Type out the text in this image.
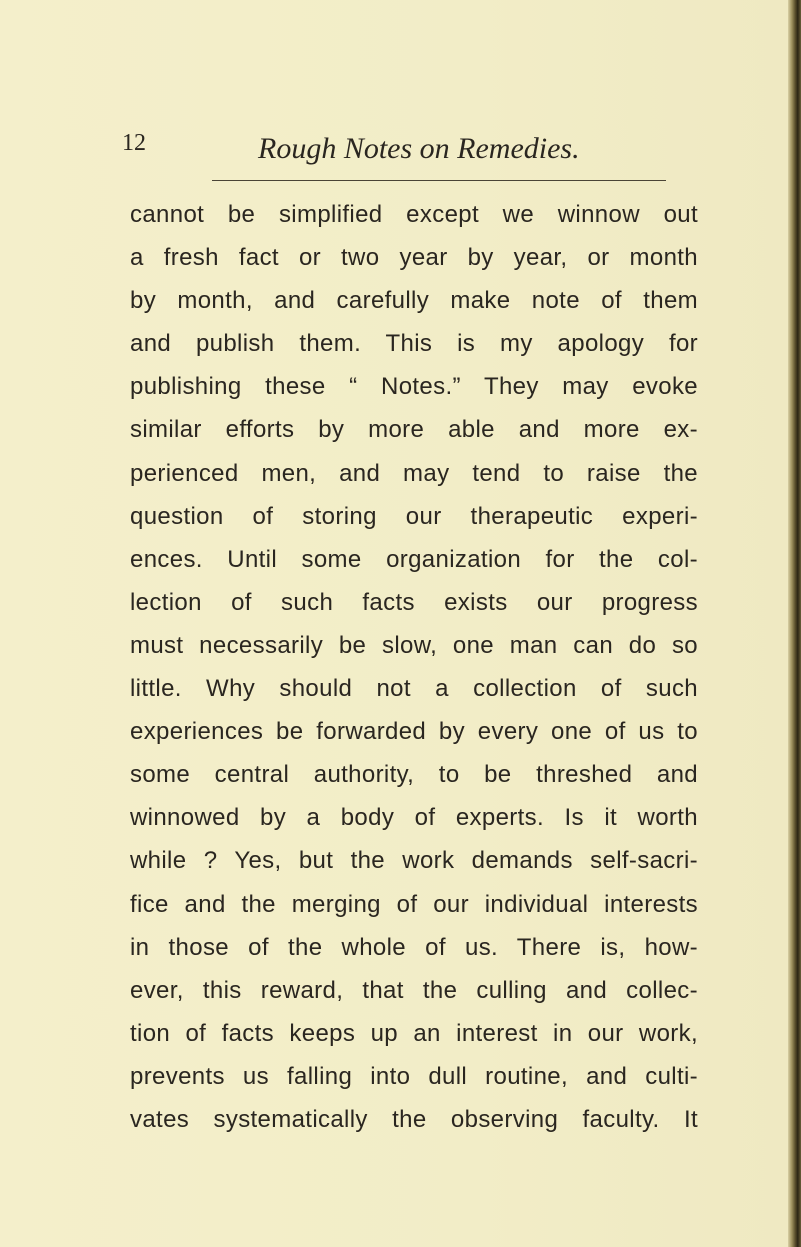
12	Rough Notes on Remedies.
cannot be simplified except we winnow out
a fresh fact or two year by year, or month
by month, and carefully make note of them
and publish them. This is my apology for
publishing these “ Notes.” They may evoke
similar efforts by more able and more ex-
perienced men, and may tend to raise the
question of storing our therapeutic experi-
ences. Until some organization for the col-
lection of such facts exists our progress
must necessarily be slow, one man can do so
little. Why should not a collection of such
experiences be forwarded by every one of us to
some central authority, to be threshed and
winnowed by a body of experts. Is it worth
while ? Yes, but the work demands self-sacri-
fice and the merging of our individual interests
in those of the whole of us. There is, how-
ever, this reward, that the culling and collec-
tion of facts keeps up an interest in our work,
prevents us falling into dull routine, and culti-
vates systematically the observing faculty. It
